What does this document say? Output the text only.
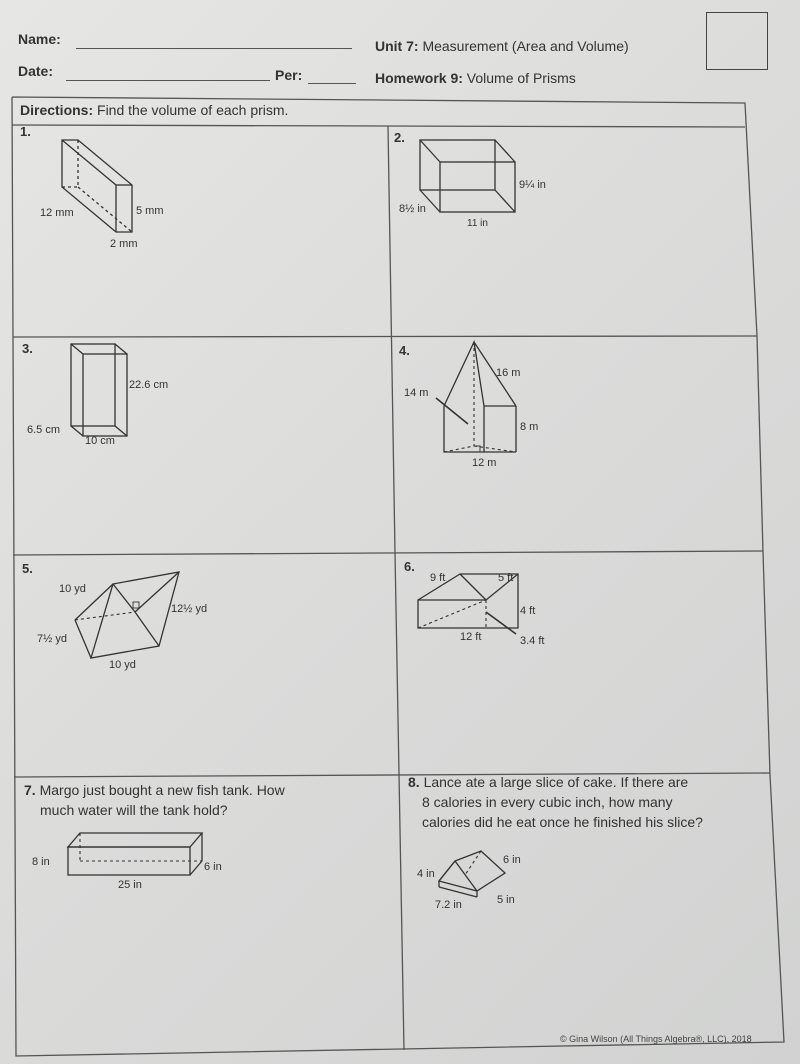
Name:
Date:	Per:
Unit 7: Measurement (Area and Volume)
Homework 9: Volume of Prisms
Directions: Find the volume of each prism.
1.	2.
3.	4.
5.	6.
12 mm	5 mm
2 mm
9¼ in
8½ in
11 in
22.6 cm
6.5 cm
10 cm
16 m
14 m
8 m
12 m
10 yd
12½ yd
7½ yd
10 yd
9 ft	5 ft
4 ft
12 ft	3.4 ft
7. Margo just bought a new fish tank. How
much water will the tank hold?
8 in	6 in
25 in
8. Lance ate a large slice of cake. If there are
8 calories in every cubic inch, how many
calories did he eat once he finished his slice?
6 in
4 in
7.2 in	5 in
© Gina Wilson (All Things Algebra®, LLC), 2018
